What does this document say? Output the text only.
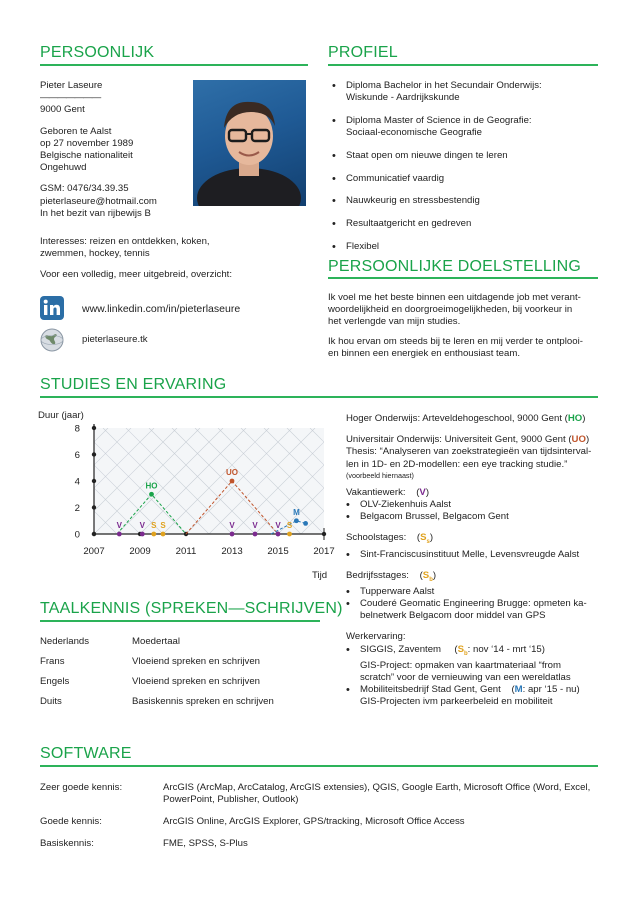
PERSOONLIJK
Pieter Laseure
———————
9000 Gent
Geboren te Aalst
op 27 november 1989
Belgische nationaliteit
Ongehuwd
GSM: 0476/34.39.35
pieterlaseure@hotmail.com
In het bezit van rijbewijs B
Interesses: reizen en ontdekken, koken,
zwemmen, hockey, tennis
Voor een volledig, meer uitgebreid, overzicht:
www.linkedin.com/in/pieterlaseure
pieterlaseure.tk
PROFIEL
• Diploma Bachelor in het Secundair Onderwijs:
Wiskunde - Aardrijkskunde
• Diploma Master of Science in de Geografie:
Sociaal-economische Geografie
• Staat open om nieuwe dingen te leren
• Communicatief vaardig
• Nauwkeurig en stressbestendig
• Resultaatgericht en gedreven
• Flexibel
PERSOONLIJKE DOELSTELLING
Ik voel me het beste binnen een uitdagende job met verant-
woordelijkheid en doorgroeimogelijkheden, bij voorkeur in
het verlengde van mijn studies.
Ik hou ervan om steeds bij te leren en mij verder te ontplooi-
en binnen een energiek en enthousiast team.
STUDIES EN ERVARING
Duur (jaar)
Tijd
2007	2009	2011	2013	2015	2017
0
2
4
6
8
HO
UO
M
V V S S	V V V S
Hoger Onderwijs: Arteveldehogeschool, 9000 Gent (HO)
Universitair Onderwijs: Universiteit Gent, 9000 Gent (UO)
Thesis: “Analyseren van zoekstrategieën van tijdsinterval-
len in 1D- en 2D-modellen: een eye tracking studie.”
(voorbeeld hiernaast)
Vakantiewerk:    (V)
• OLV-Ziekenhuis Aalst
• Belgacom Brussel, Belgacom Gent
Schoolstages:    $(S_s)$
• Sint-Franciscusinstituut Melle, Levensvreugde Aalst
Bedrijfsstages:    $(S_b)$
• Tupperware Aalst
• Couderé Geomatic Engineering Brugge: opmeten ka-
belnetwerk Belgacom door middel van GPS
Werkervaring:
• SIGGIS, Zaventem     ($S_b$: nov ‘14 - mrt ‘15)
GIS-Project: opmaken van kaartmateriaal “from
scratch” voor de vernieuwing van een wereldatlas
• Mobiliteitsbedrijf Stad Gent, Gent    (M: apr ‘15 - nu)
GIS-Projecten ivm parkeerbeleid en mobiliteit
TAALKENNIS (SPREKEN—SCHRIJVEN)
Nederlands	Moedertaal
Frans	Vloeiend spreken en schrijven
Engels	Vloeiend spreken en schrijven
Duits	Basiskennis spreken en schrijven
SOFTWARE
Zeer goede kennis:	ArcGIS (ArcMap, ArcCatalog, ArcGIS extensies), QGIS, Google Earth, Microsoft Office (Word, Excel,
PowerPoint, Publisher, Outlook)
Goede kennis:	ArcGIS Online, ArcGIS Explorer, GPS/tracking, Microsoft Office Access
Basiskennis:	FME, SPSS, S-Plus
